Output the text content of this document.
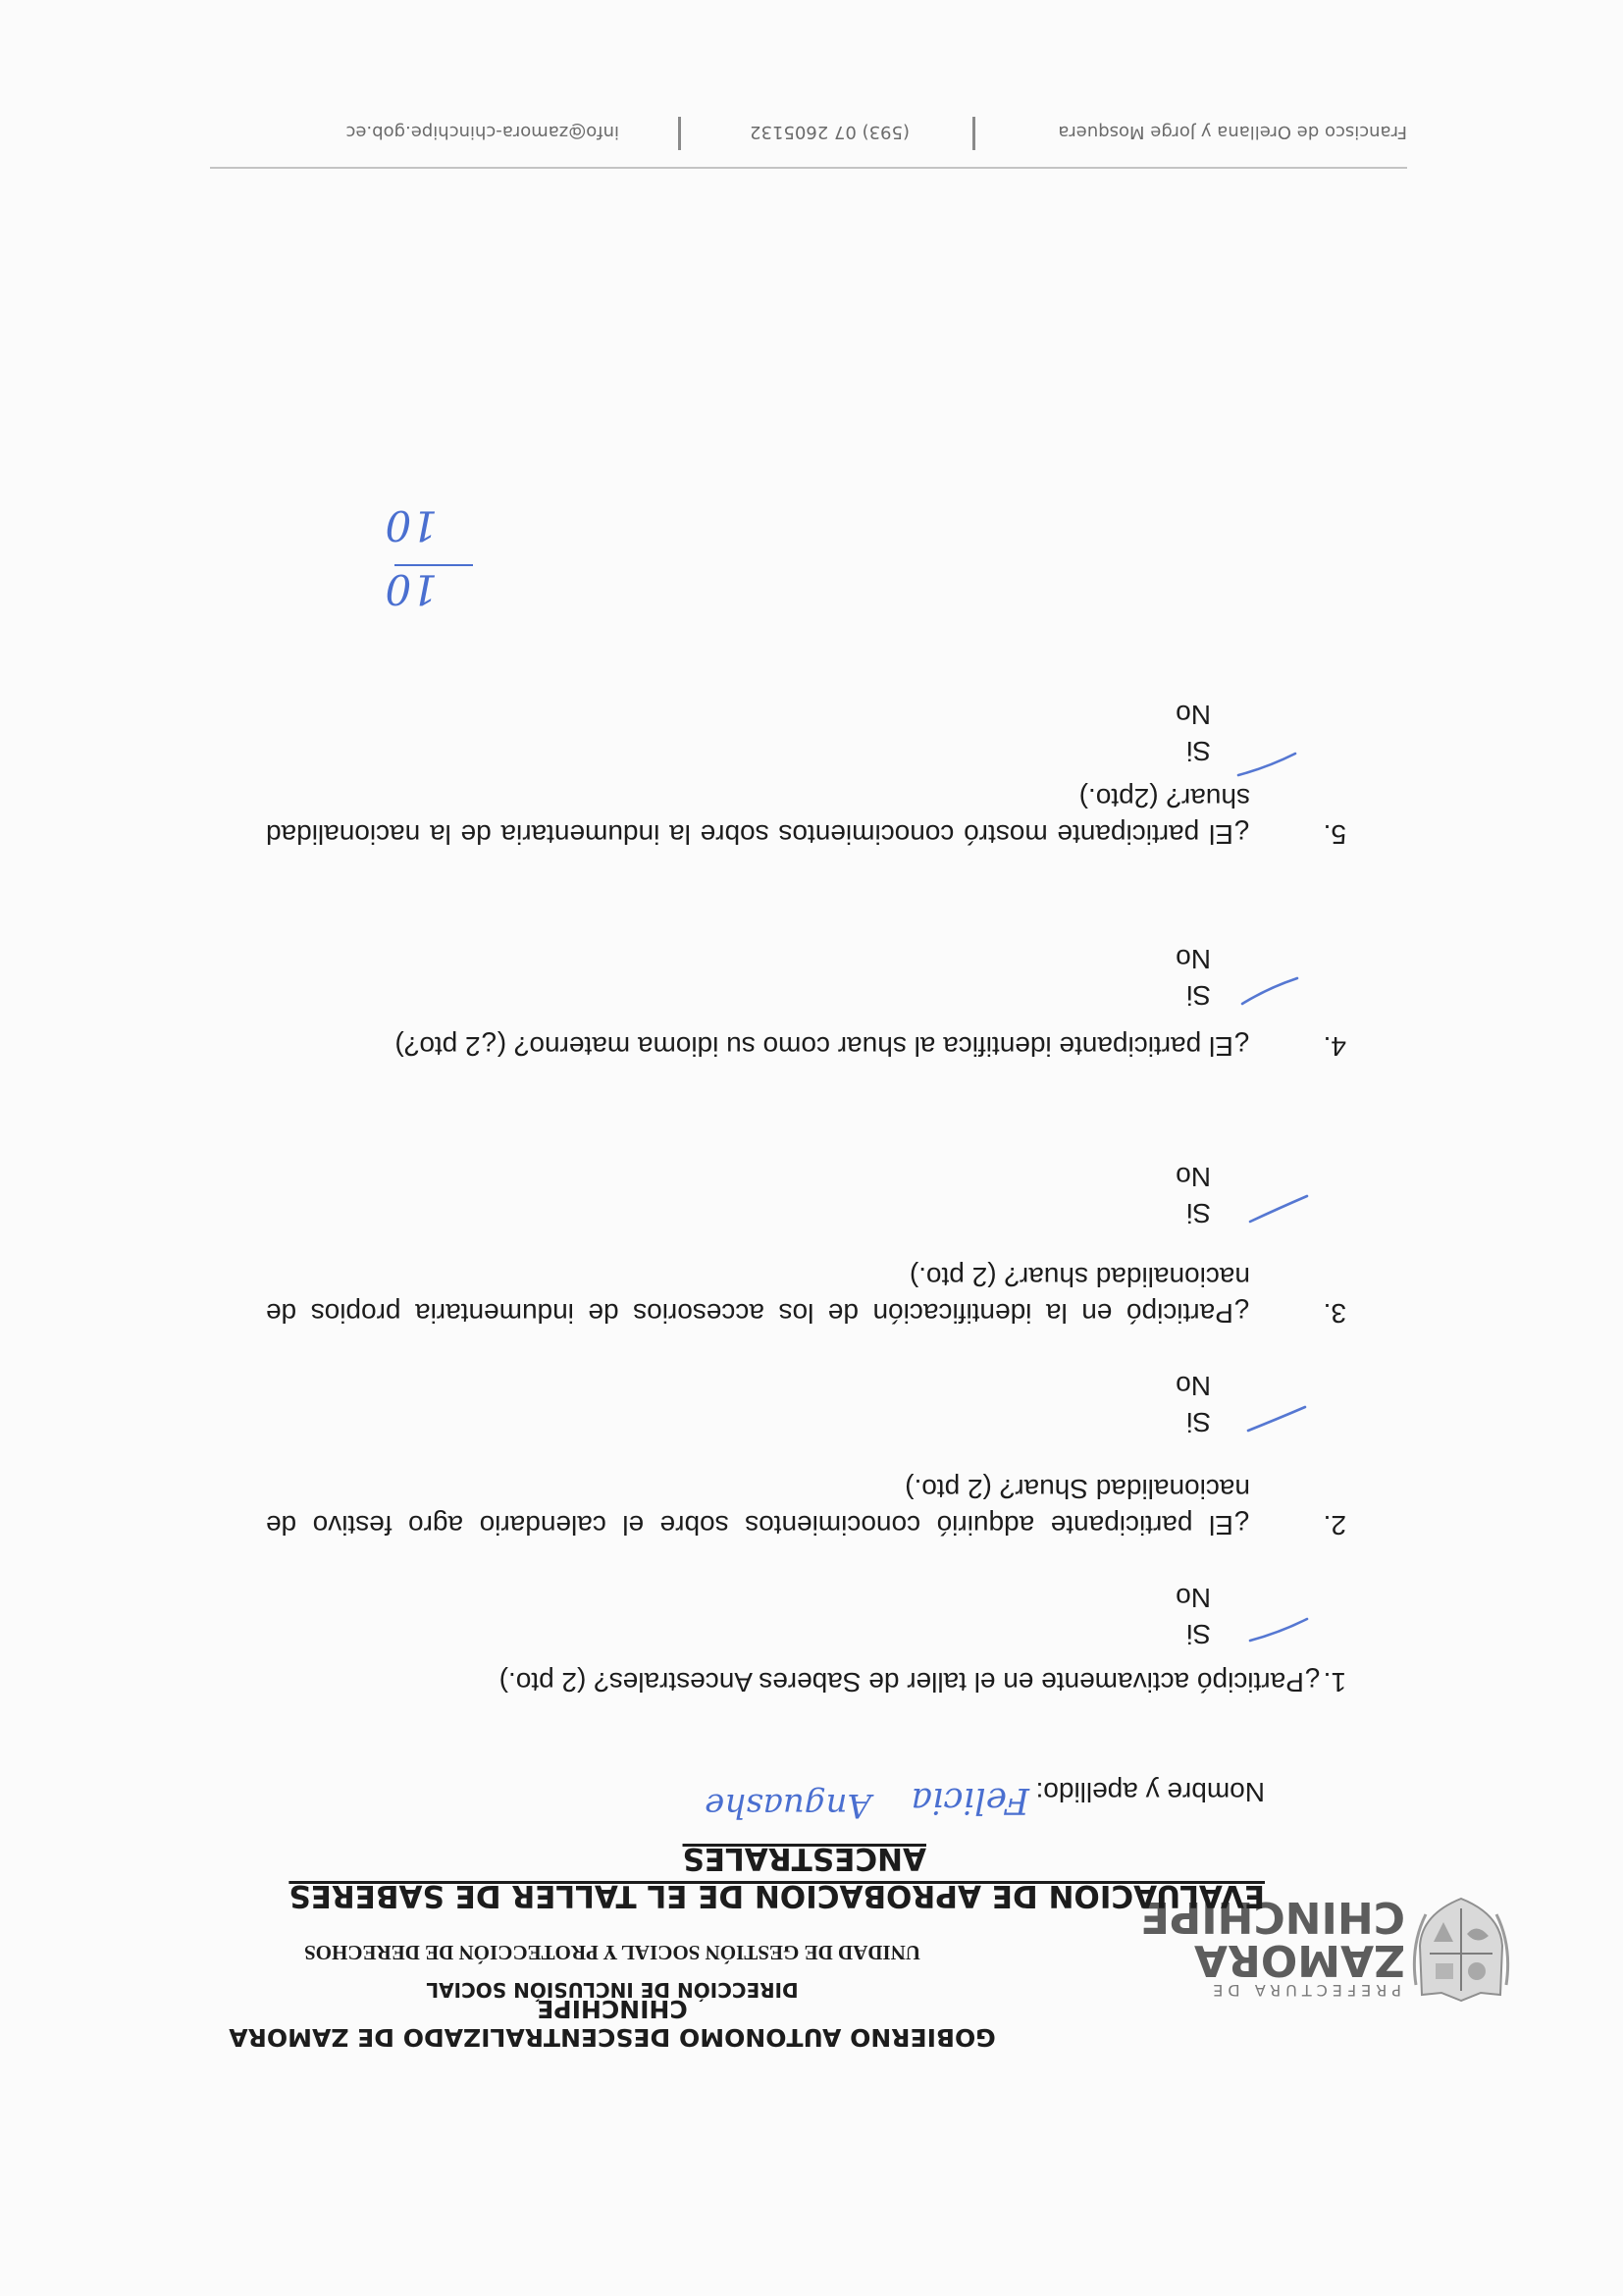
PREFECTURA DE
ZAMORA
CHINCHIPE
GOBIERNO AUTONOMO DESCENTRALIZADO DE ZAMORA CHINCHIPE
DIRECCIÓN DE INCLUSIÓN SOCIAL
UNIDAD DE GESTIÓN SOCIAL Y PROTECCIÓN DE DERECHOS
EVALUACION DE APROBACION DE EL TALLER DE SABERES
ANCESTRALES
Nombre y apellido:
Felicia
Anguashe
1.
¿Participó activamente en el taller de Saberes Ancestrales? (2 pto.)
Si
No
2.
¿El participante adquirió conocimientos sobre el calendario agro festivo de nacionalidad Shuar? (2 pto.)
Si
No
3.
¿Participó en la identificación de los accesorios de indumentaria propios de nacionalidad shuar? (2 pto.)
Si
No
4.
¿El participante identifica al shuar como su idioma materno? (¿2 pto?)
Si
No
5.
¿El participante mostró conocimientos sobre la indumentaria de la nacionalidad shuar? (2pto.)
Si
No
10
10
Francisco de Orellana y Jorge Mosquera
(593) 07 2605132
info@zamora-chinchipe.gob.ec
